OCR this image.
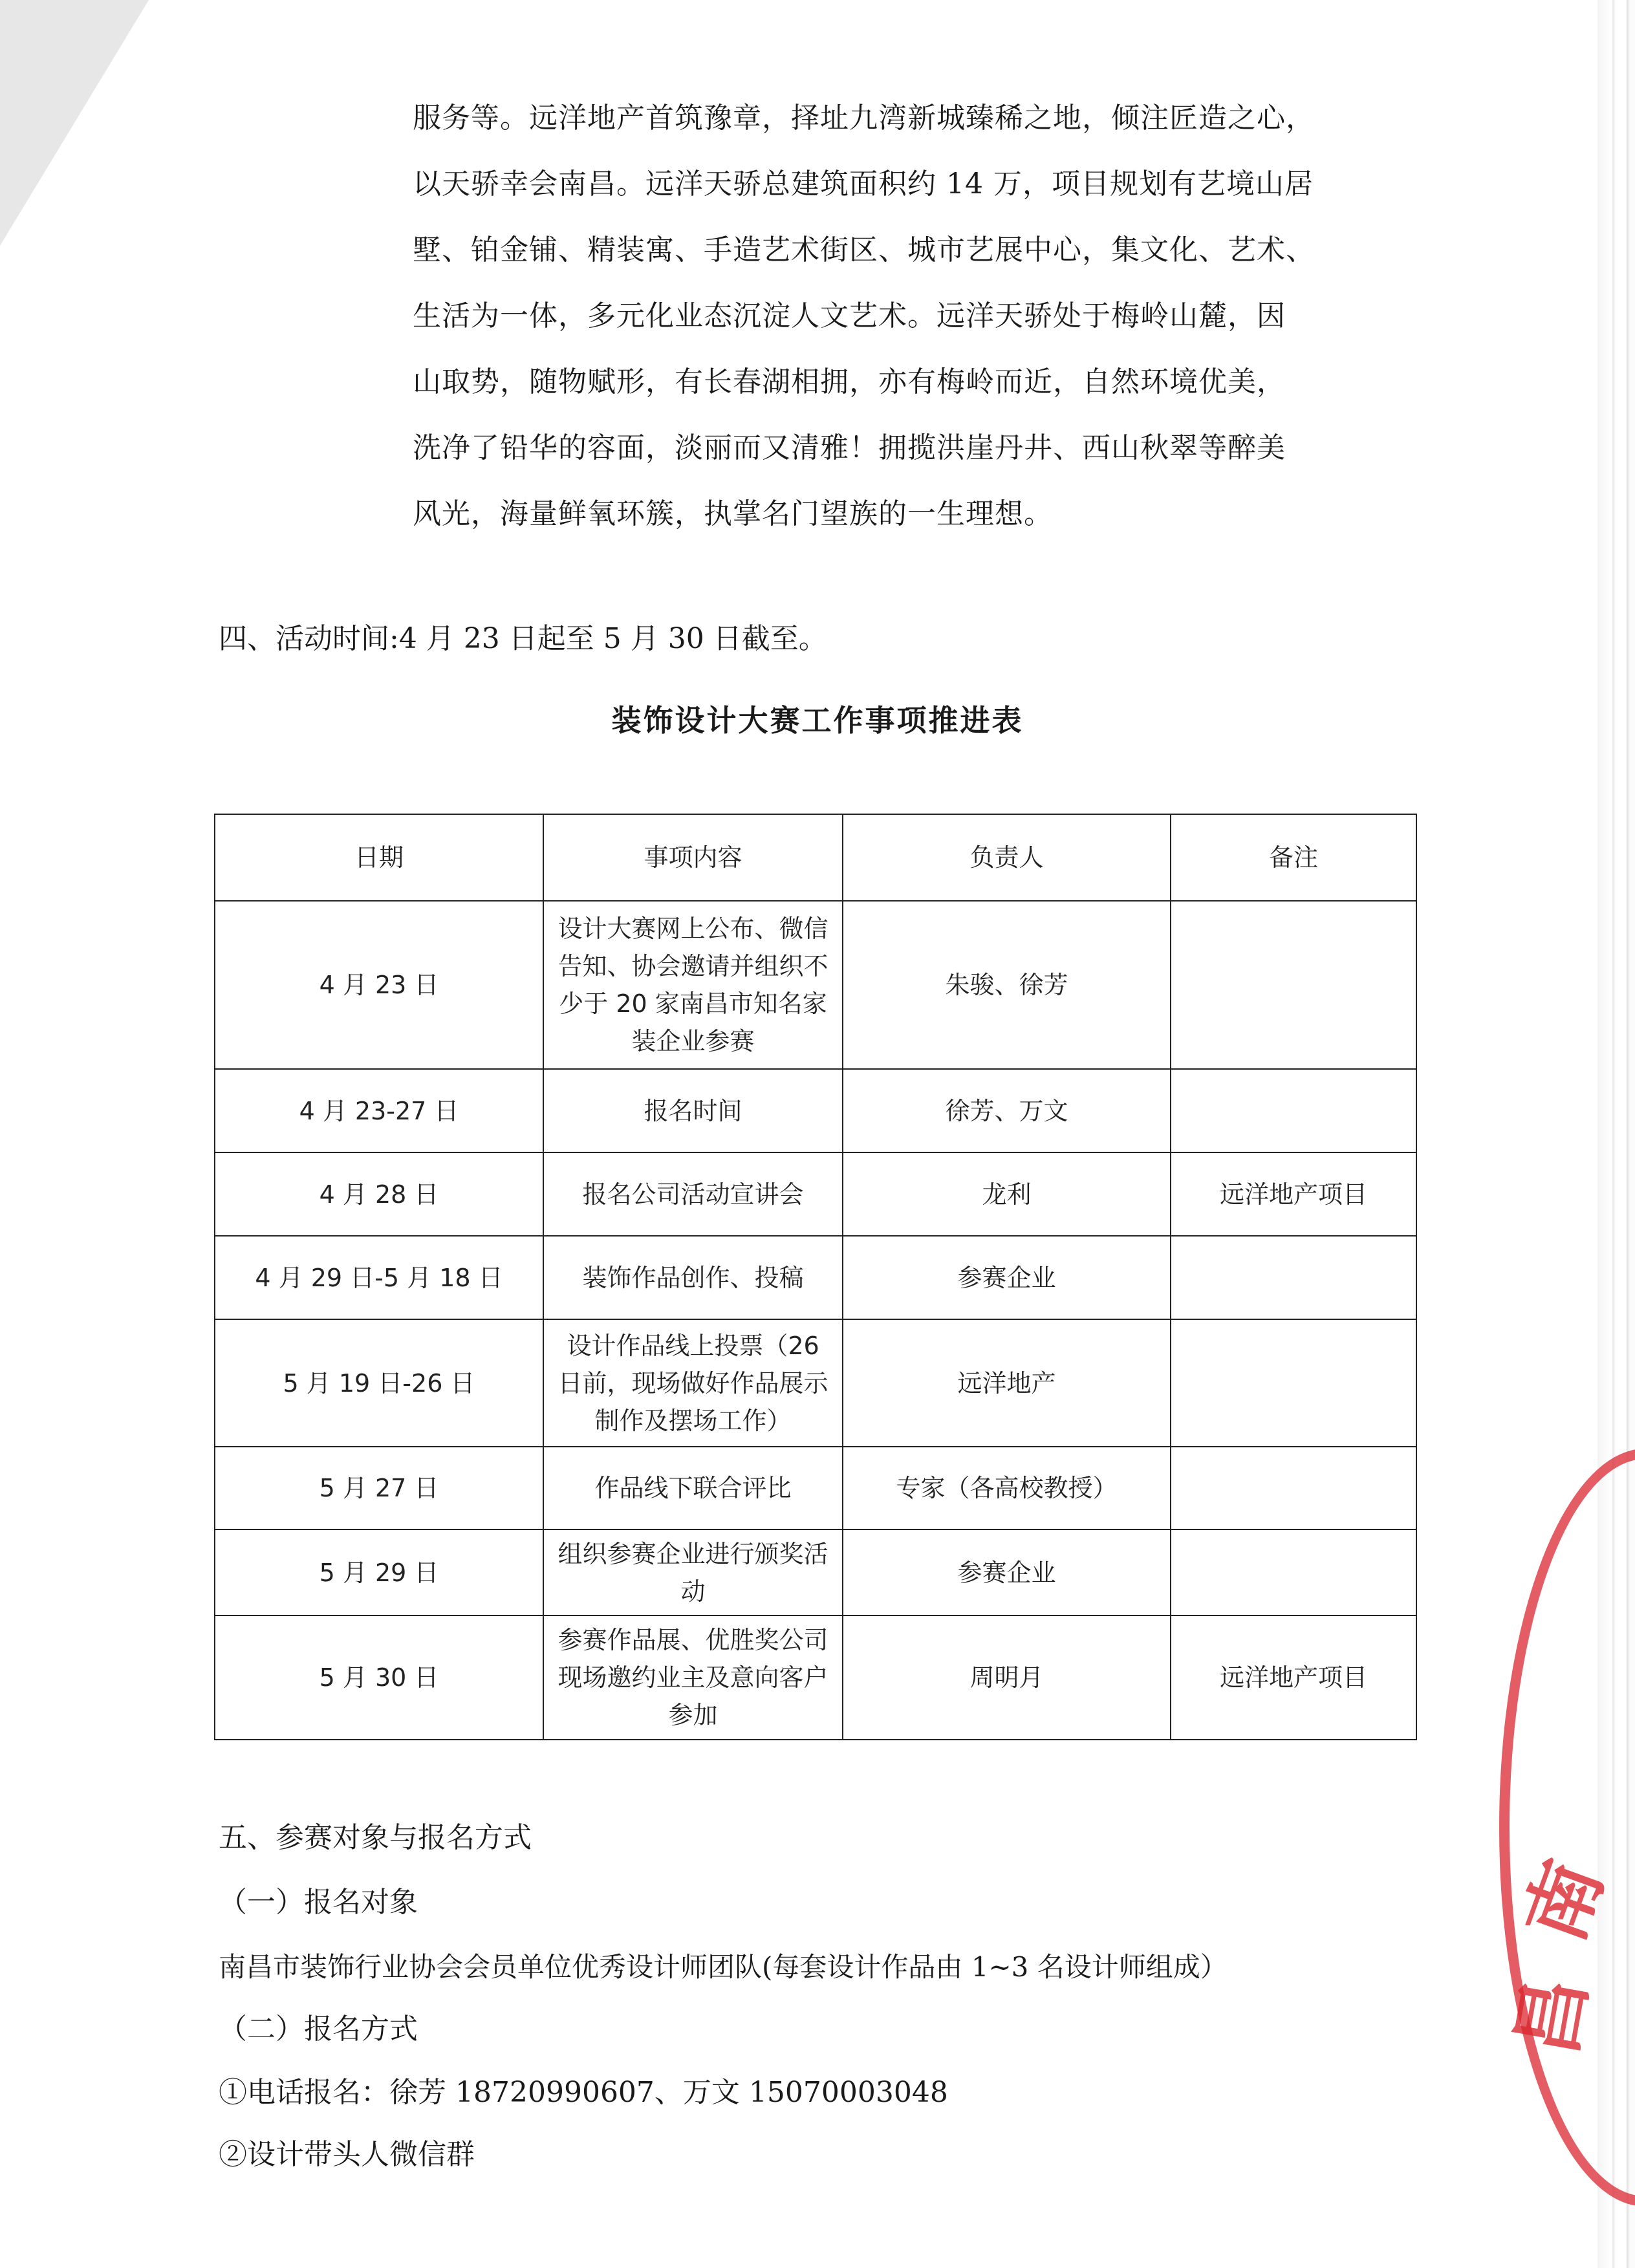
服务等。远洋地产首筑豫章，择址九湾新城臻稀之地，倾注匠造之心，
以天骄幸会南昌。远洋天骄总建筑面积约 14 万，项目规划有艺境山居
墅、铂金铺、精装寓、手造艺术街区、城市艺展中心，集文化、艺术、
生活为一体，多元化业态沉淀人文艺术。远洋天骄处于梅岭山麓，因
山取势，随物赋形，有长春湖相拥，亦有梅岭而近，自然环境优美，
洗净了铅华的容面，淡丽而又清雅！拥揽洪崖丹井、西山秋翠等醉美
风光，海量鲜氧环簇，执掌名门望族的一生理想。
四、活动时间:4 月 23 日起至 5 月 30 日截至。
装饰设计大赛工作事项推进表
日期	事项内容	负责人	备注
4 月 23 日	设计大赛网上公布、微信告知、协会邀请并组织不少于 20 家南昌市知名家装企业参赛	朱骏、徐芳	
4 月 23-27 日	报名时间	徐芳、万文	
4 月 28 日	报名公司活动宣讲会	龙利	远洋地产项目
4 月 29 日-5 月 18 日	装饰作品创作、投稿	参赛企业	
5 月 19 日-26 日	设计作品线上投票（26 日前，现场做好作品展示制作及摆场工作）	远洋地产	
5 月 27 日	作品线下联合评比	专家（各高校教授）	
5 月 29 日	组织参赛企业进行颁奖活动	参赛企业	
5 月 30 日	参赛作品展、优胜奖公司现场邀约业主及意向客户参加	周明月	远洋地产项目
五、参赛对象与报名方式
（一）报名对象
南昌市装饰行业协会会员单位优秀设计师团队(每套设计作品由 1~3 名设计师组成）
（二）报名方式
①电话报名：徐芳 18720990607、万文 15070003048
②设计带头人微信群
昌
南
